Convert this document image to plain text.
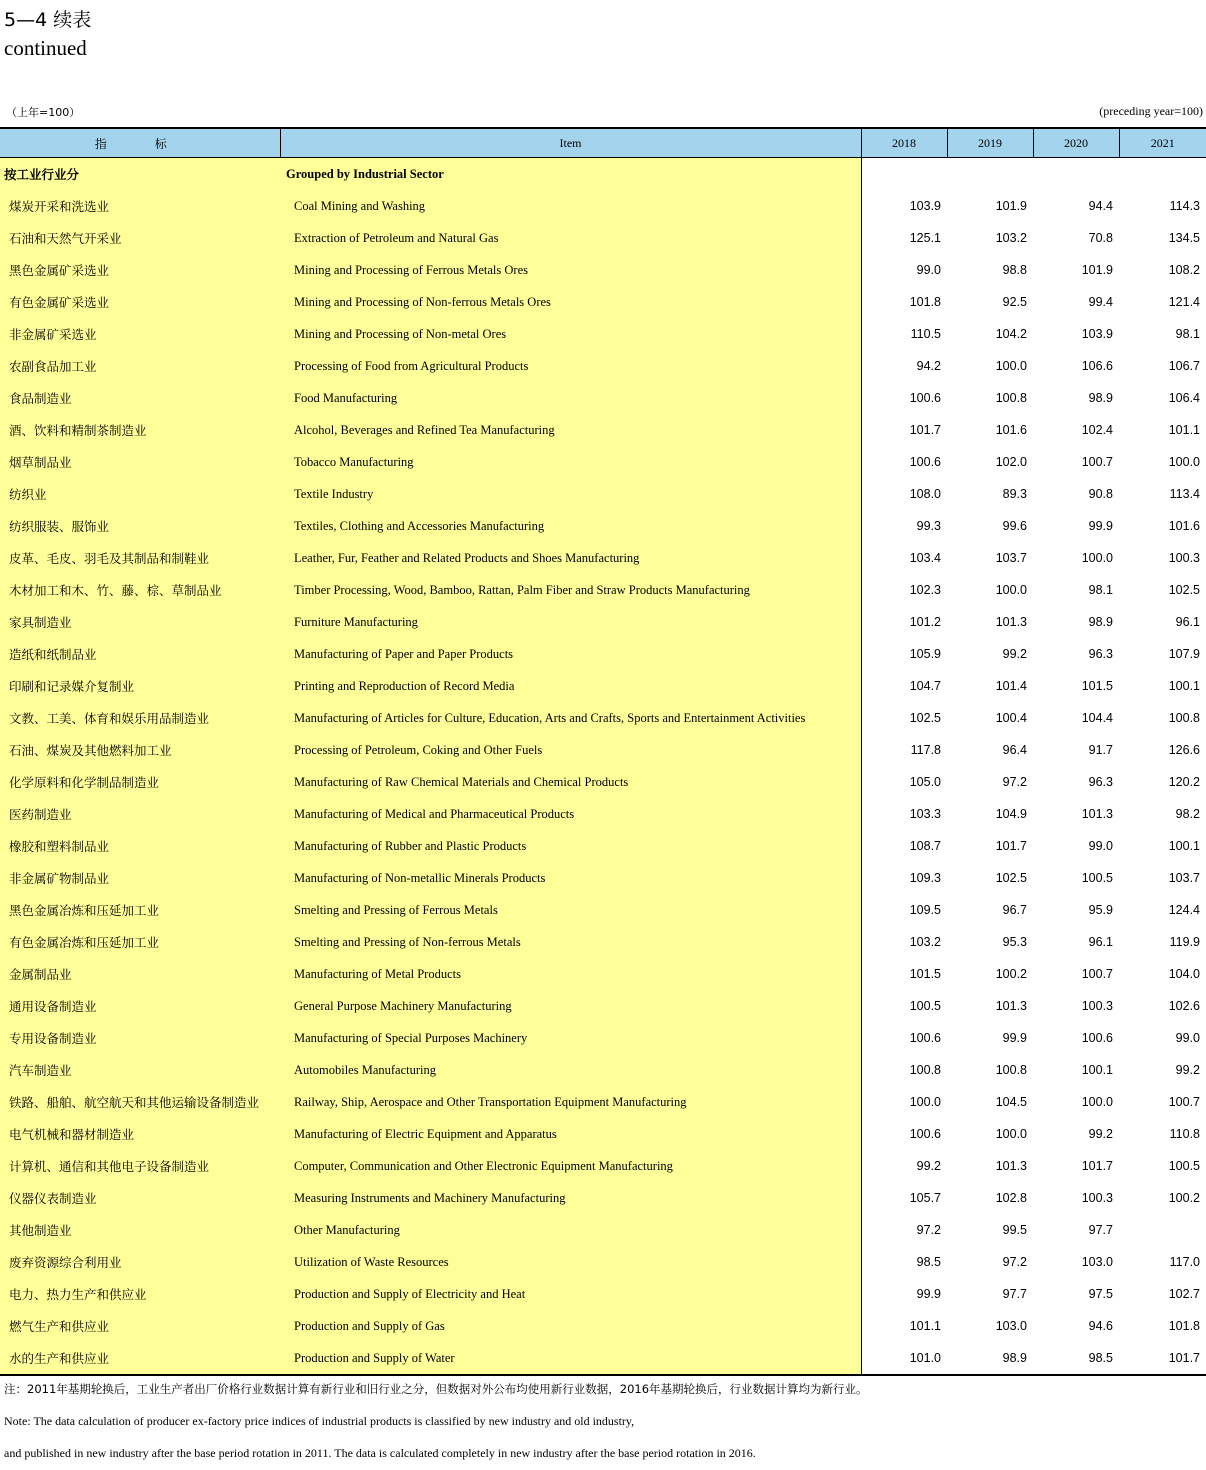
5—4 续表
continued
（上年=100）	(preceding year=100)
指　标	Item	2018	2019	2020	2021
按工业行业分	Grouped by Industrial Sector				
煤炭开采和洗选业	Coal Mining and Washing	103.9	101.9	94.4	114.3
石油和天然气开采业	Extraction of Petroleum and Natural Gas	125.1	103.2	70.8	134.5
黑色金属矿采选业	Mining and Processing of Ferrous Metals Ores	99.0	98.8	101.9	108.2
有色金属矿采选业	Mining and Processing of Non-ferrous Metals Ores	101.8	92.5	99.4	121.4
非金属矿采选业	Mining and Processing of Non-metal Ores	110.5	104.2	103.9	98.1
农副食品加工业	Processing of Food from Agricultural Products	94.2	100.0	106.6	106.7
食品制造业	Food Manufacturing	100.6	100.8	98.9	106.4
酒、饮料和精制茶制造业	Alcohol, Beverages and Refined Tea Manufacturing	101.7	101.6	102.4	101.1
烟草制品业	Tobacco Manufacturing	100.6	102.0	100.7	100.0
纺织业	Textile Industry	108.0	89.3	90.8	113.4
纺织服装、服饰业	Textiles, Clothing and Accessories Manufacturing	99.3	99.6	99.9	101.6
皮革、毛皮、羽毛及其制品和制鞋业	Leather, Fur, Feather and Related Products and Shoes Manufacturing	103.4	103.7	100.0	100.3
木材加工和木、竹、藤、棕、草制品业	Timber Processing, Wood, Bamboo, Rattan, Palm Fiber and Straw Products Manufacturing	102.3	100.0	98.1	102.5
家具制造业	Furniture Manufacturing	101.2	101.3	98.9	96.1
造纸和纸制品业	Manufacturing of Paper and Paper Products	105.9	99.2	96.3	107.9
印刷和记录媒介复制业	Printing and Reproduction of Record Media	104.7	101.4	101.5	100.1
文教、工美、体育和娱乐用品制造业	Manufacturing of Articles for Culture, Education, Arts and Crafts, Sports and Entertainment Activities	102.5	100.4	104.4	100.8
石油、煤炭及其他燃料加工业	Processing of Petroleum, Coking and Other Fuels	117.8	96.4	91.7	126.6
化学原料和化学制品制造业	Manufacturing of Raw Chemical Materials and Chemical Products	105.0	97.2	96.3	120.2
医药制造业	Manufacturing of Medical and Pharmaceutical Products	103.3	104.9	101.3	98.2
橡胶和塑料制品业	Manufacturing of Rubber and Plastic Products	108.7	101.7	99.0	100.1
非金属矿物制品业	Manufacturing of Non-metallic Minerals Products	109.3	102.5	100.5	103.7
黑色金属冶炼和压延加工业	Smelting and Pressing of Ferrous Metals	109.5	96.7	95.9	124.4
有色金属冶炼和压延加工业	Smelting and Pressing of Non-ferrous Metals	103.2	95.3	96.1	119.9
金属制品业	Manufacturing of Metal Products	101.5	100.2	100.7	104.0
通用设备制造业	General Purpose Machinery Manufacturing	100.5	101.3	100.3	102.6
专用设备制造业	Manufacturing of Special Purposes Machinery	100.6	99.9	100.6	99.0
汽车制造业	Automobiles Manufacturing	100.8	100.8	100.1	99.2
铁路、船舶、航空航天和其他运输设备制造业	Railway, Ship, Aerospace and Other Transportation Equipment Manufacturing	100.0	104.5	100.0	100.7
电气机械和器材制造业	Manufacturing of Electric Equipment and Apparatus	100.6	100.0	99.2	110.8
计算机、通信和其他电子设备制造业	Computer, Communication and Other Electronic Equipment Manufacturing	99.2	101.3	101.7	100.5
仪器仪表制造业	Measuring Instruments and Machinery Manufacturing	105.7	102.8	100.3	100.2
其他制造业	Other Manufacturing	97.2	99.5	97.7	
废弃资源综合利用业	Utilization of Waste Resources	98.5	97.2	103.0	117.0
电力、热力生产和供应业	Production and Supply of Electricity and Heat	99.9	97.7	97.5	102.7
燃气生产和供应业	Production and Supply of Gas	101.1	103.0	94.6	101.8
水的生产和供应业	Production and Supply of Water	101.0	98.9	98.5	101.7
注：2011年基期轮换后，工业生产者出厂价格行业数据计算有新行业和旧行业之分，但数据对外公布均使用新行业数据，2016年基期轮换后，行业数据计算均为新行业。
Note: The data calculation of producer ex-factory price indices of industrial products is classified by new industry and old industry,
and published in new industry after the base period rotation in 2011. The data is calculated completely in new industry after the base period rotation in 2016.
